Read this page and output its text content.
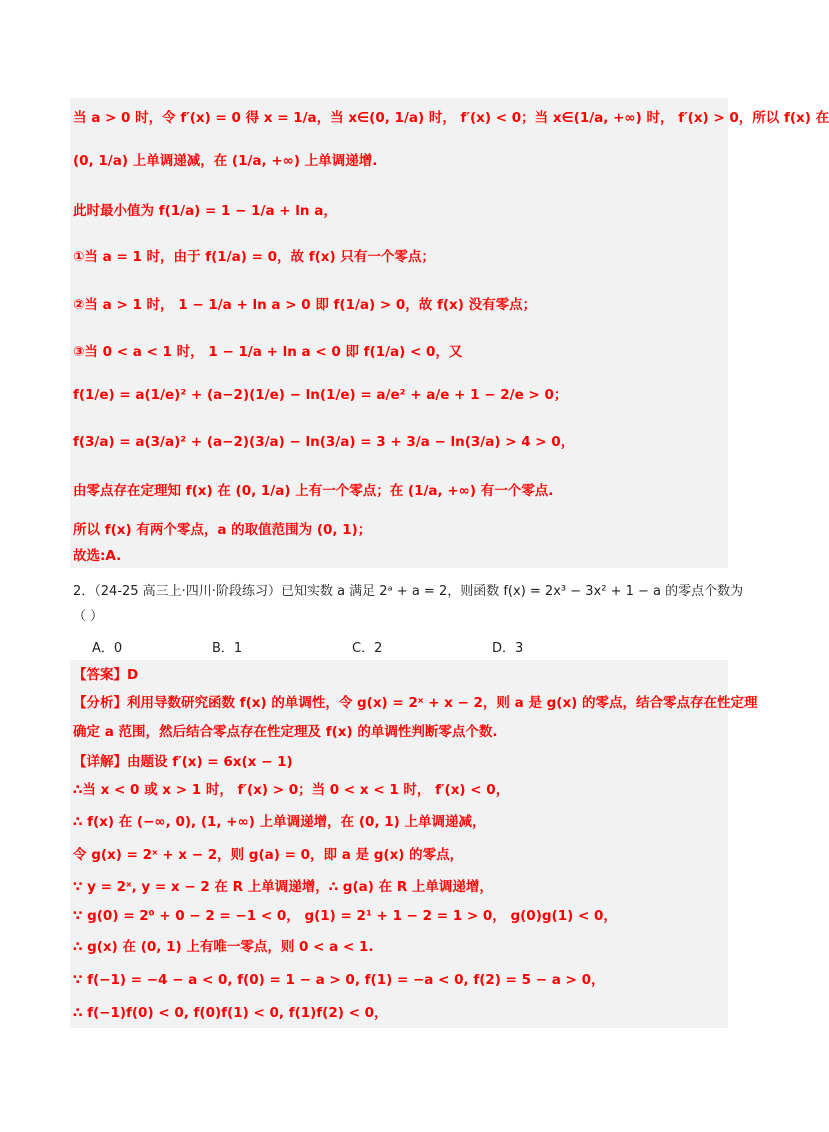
当 a > 0 时，令 f′(x) = 0 得 x = 1/a，当 x∈(0, 1/a) 时， f′(x) < 0；当 x∈(1/a, +∞) 时， f′(x) > 0，所以 f(x) 在
(0, 1/a) 上单调递减，在 (1/a, +∞) 上单调递增.
此时最小值为 f(1/a) = 1 − 1/a + ln a，
①当 a = 1 时，由于 f(1/a) = 0，故 f(x) 只有一个零点；
②当 a > 1 时， 1 − 1/a + ln a > 0 即 f(1/a) > 0，故 f(x) 没有零点；
③当 0 < a < 1 时， 1 − 1/a + ln a < 0 即 f(1/a) < 0，又
f(1/e) = a(1/e)² + (a−2)(1/e) − ln(1/e) = a/e² + a/e + 1 − 2/e > 0；
f(3/a) = a(3/a)² + (a−2)(3/a) − ln(3/a) = 3 + 3/a − ln(3/a) > 4 > 0，
由零点存在定理知 f(x) 在 (0, 1/a) 上有一个零点；在 (1/a, +∞) 有一个零点.
所以 f(x) 有两个零点，a 的取值范围为 (0, 1)；
故选:A.
2．（24-25 高三上·四川·阶段练习）已知实数 a 满足 2ᵃ + a = 2，则函数 f(x) = 2x³ − 3x² + 1 − a 的零点个数为
（ ）
A．0	B．1	C．2	D．3
【答案】D
【分析】利用导数研究函数 f(x) 的单调性，令 g(x) = 2ˣ + x − 2，则 a 是 g(x) 的零点，结合零点存在性定理
确定 a 范围，然后结合零点存在性定理及 f(x) 的单调性判断零点个数.
【详解】由题设 f′(x) = 6x(x − 1)
∴当 x < 0 或 x > 1 时， f′(x) > 0；当 0 < x < 1 时， f′(x) < 0，
∴ f(x) 在 (−∞, 0), (1, +∞) 上单调递增，在 (0, 1) 上单调递减，
令 g(x) = 2ˣ + x − 2，则 g(a) = 0，即 a 是 g(x) 的零点，
∵ y = 2ˣ, y = x − 2 在 R 上单调递增，∴ g(a) 在 R 上单调递增，
∵ g(0) = 2⁰ + 0 − 2 = −1 < 0， g(1) = 2¹ + 1 − 2 = 1 > 0， g(0)g(1) < 0，
∴ g(x) 在 (0, 1) 上有唯一零点，则 0 < a < 1.
∵ f(−1) = −4 − a < 0, f(0) = 1 − a > 0, f(1) = −a < 0, f(2) = 5 − a > 0，
∴ f(−1)f(0) < 0, f(0)f(1) < 0, f(1)f(2) < 0，
